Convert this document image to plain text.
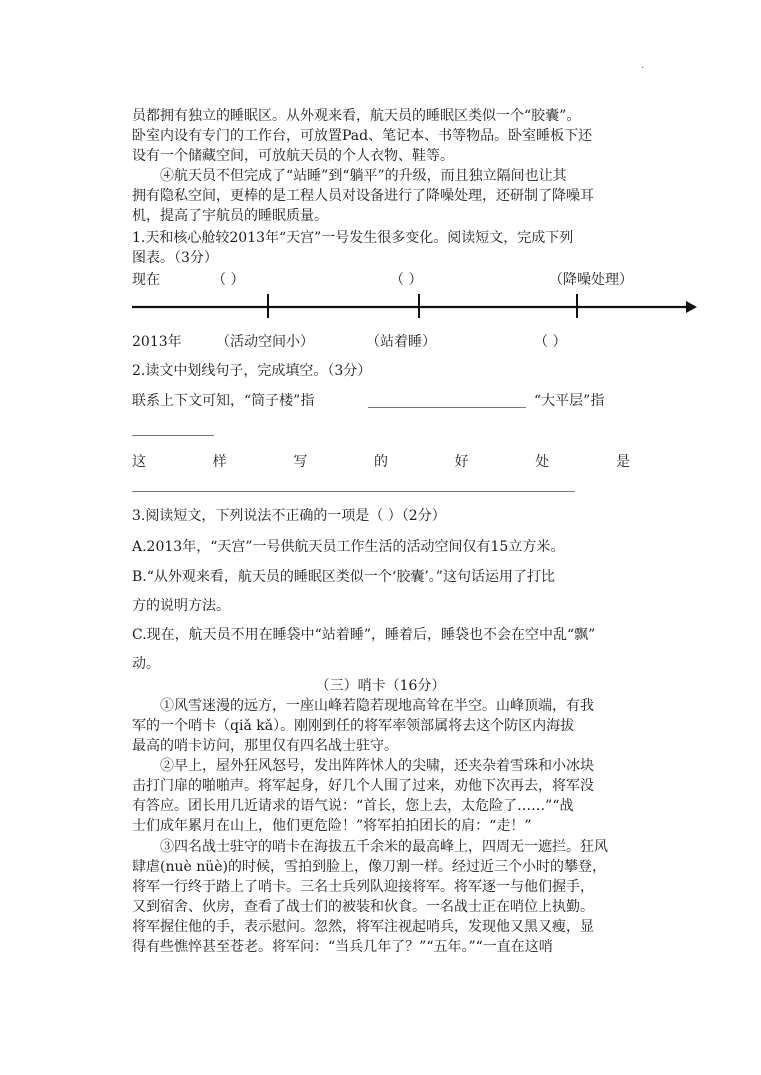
.
员都拥有独立的睡眠区。从外观来看，航天员的睡眠区类似一个“胶囊”。
卧室内设有专门的工作台，可放置Pad、笔记本、书等物品。卧室睡板下还
设有一个储藏空间，可放航天员的个人衣物、鞋等。
④航天员不但完成了“站睡”到“躺平”的升级，而且独立隔间也让其
拥有隐私空间，更棒的是工程人员对设备进行了降噪处理，还研制了降噪耳
机，提高了宇航员的睡眠质量。
1.天和核心舱较2013年“天宫”一号发生很多变化。阅读短文，完成下列
图表。（3分）
现在	（ ）	（ ）	（降噪处理）
2013年 （活动空间小）	（站着睡）	（ ）
2.读文中划线句子，完成填空。（3分）
联系上下文可知，“筒子楼”指	“大平层”指
这	样	写	的	好	处	是
3.阅读短文，下列说法不正确的一项是（ ）（2分）
A.2013年，“天宫”一号供航天员工作生活的活动空间仅有15立方米。
B.“从外观来看，航天员的睡眠区类似一个‘胶囊’。”这句话运用了打比
方的说明方法。
C.现在，航天员不用在睡袋中“站着睡”，睡着后，睡袋也不会在空中乱“飘”
动。
（三）哨卡（16分）
①风雪迷漫的远方，一座山峰若隐若现地高耸在半空。山峰顶端，有我
军的一个哨卡（qiǎ kǎ）。刚刚到任的将军率领部属将去这个防区内海拔
最高的哨卡访问，那里仅有四名战士驻守。
②早上，屋外狂风怒号，发出阵阵怵人的尖啸，还夹杂着雪珠和小冰块
击打门扉的啪啪声。将军起身，好几个人围了过来，劝他下次再去，将军没
有答应。团长用几近请求的语气说：“首长，您上去，太危险了……”“战
士们成年累月在山上，他们更危险！”将军拍拍团长的肩：“走！”
③四名战士驻守的哨卡在海拔五千余米的最高峰上，四周无一遮拦。狂风
肆虐(nuè nüè)的时候，雪拍到脸上，像刀割一样。经过近三个小时的攀登，
将军一行终于踏上了哨卡。三名士兵列队迎接将军。将军逐一与他们握手，
又到宿舍、伙房，查看了战士们的被装和伙食。一名战士正在哨位上执勤。
将军握住他的手，表示慰问。忽然，将军注视起哨兵，发现他又黑又瘦，显
得有些憔悴甚至苍老。将军问：“当兵几年了？”“五年。”“一直在这哨
